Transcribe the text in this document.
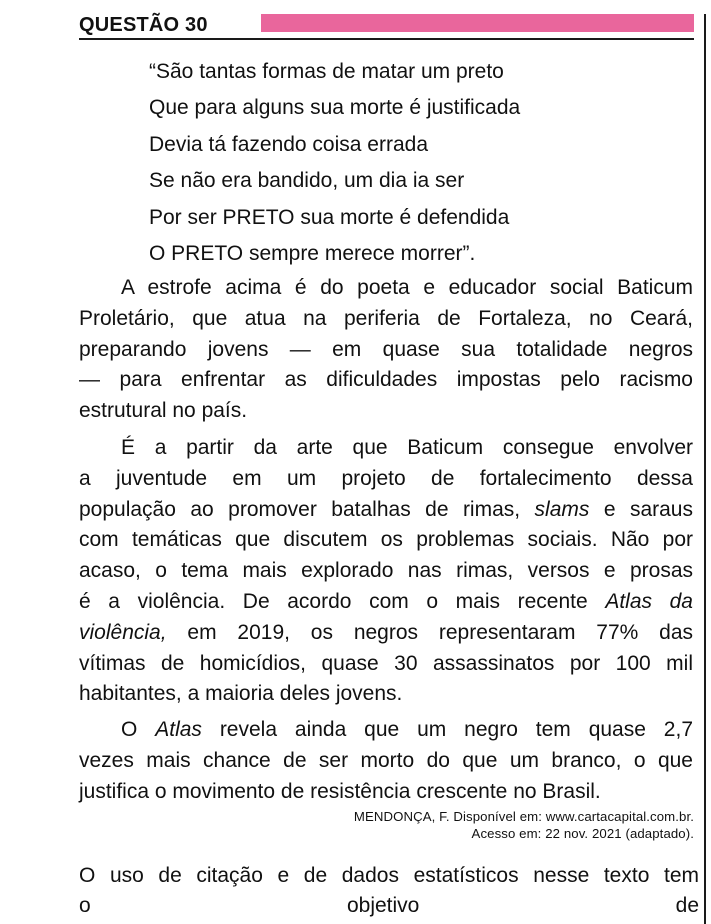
QUESTÃO 30
“São tantas formas de matar um preto
Que para alguns sua morte é justificada
Devia tá fazendo coisa errada
Se não era bandido, um dia ia ser
Por ser PRETO sua morte é defendida
O PRETO sempre merece morrer”.
A estrofe acima é do poeta e educador social Baticum
Proletário, que atua na periferia de Fortaleza, no Ceará,
preparando jovens — em quase sua totalidade negros
— para enfrentar as dificuldades impostas pelo racismo
estrutural no país.
É a partir da arte que Baticum consegue envolver
a juventude em um projeto de fortalecimento dessa
população ao promover batalhas de rimas, slams e saraus
com temáticas que discutem os problemas sociais. Não por
acaso, o tema mais explorado nas rimas, versos e prosas
é a violência. De acordo com o mais recente Atlas da
violência, em 2019, os negros representaram 77% das
vítimas de homicídios, quase 30 assassinatos por 100 mil
habitantes, a maioria deles jovens.
O Atlas revela ainda que um negro tem quase 2,7
vezes mais chance de ser morto do que um branco, o que
justifica o movimento de resistência crescente no Brasil.
MENDONÇA, F. Disponível em: www.cartacapital.com.br.
Acesso em: 22 nov. 2021 (adaptado).
O uso de citação e de dados estatísticos nesse texto tem
o objetivo de
